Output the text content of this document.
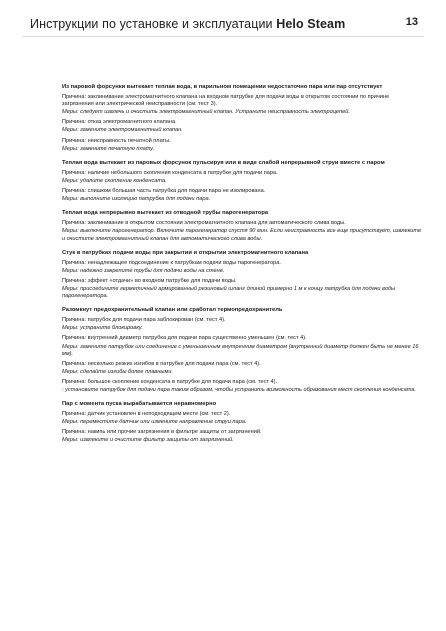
Инструкции по установке и эксплуатации Helo Steam	13
Из паровой форсунки вытекает теплая вода, в парильном помещении недостаточно пара или пар отсутствует
Причина: заклинивание электромагнитного клапана на входном патрубке для подачи воды в открытом состоянии по причине загрязнения или электрической неисправности (см. тест 3).
Меры: следует извлечь и очистить электромагнитный клапан. Устраните неисправность электроцепей.
Причина: отказ электромагнитного клапана.
Меры: замените электромагнитный клапан.
Причина: неисправность печатной платы.
Меры: замените печатную плату.
Теплая вода вытекает из паровых форсунок пульсируя или в виде слабой непрерывной струи вместе с паром
Причина: наличие небольшого скопления конденсата в патрубке для подачи пара.
Меры: удалите скопление конденсата.
Причина: слишком большая часть патрубка для подачи пара не изолирована.
Меры: выполните изоляцию патрубка для подачи пара.
Теплая вода непрерывно вытекает из отводной трубы парогенератора
Причина: заклинивание в открытом состоянии электромагнитного клапана для автоматического слива воды.
Меры: выключите парогенератор. Включите парогенератор спустя 90 мин. Если неисправность все еще присутствует, извлеките и очистите электромагнитный клапан для автоматического слива воды.
Стук в патрубках подачи воды при закрытии и открытии электромагнитного клапана
Причина: ненадлежащее подсоединение к патрубкам подачи воды парогенератора.
Меры: надежно закрепите трубы для подачи воды на стене.
Причина: эффект «отдачи» во входном патрубке для подачи воды.
Меры: присоедините герметичный армированный резиновый шланг длиной примерно 1 м к концу патрубка для подачи воды парогенератора.
Разомкнут предохранительный клапан или сработал термопредохранитель
Причина: патрубок для подачи пара заблокирован (см. тест 4).
Меры: устраните блокировку.
Причина: внутренний диаметр патрубка для подачи пара существенно уменьшен (см. тест 4).
Меры: замените патрубок или соединение с уменьшенным внутренним диаметром (внутренний диаметр должен быть не менее 16 мм).
Причина: несколько резких изгибов в патрубке для подачи пара (см. тест 4).
Меры: сделайте изгибы более плавными.
Причина: большое скопление конденсата в патрубке для подачи пара (см. тест 4).
: установите патрубок для подачи пара таким образом, чтобы устранить возможность образования мест скопления конденсата.
Пар с момента пуска вырабатывается неравномерно
Причина: датчик установлен в неподходящем месте (см. тест 2).
Меры: переместите датчик или измените направление струи пара.
Причина: накипь или прочие загрязнения в фильтре защиты от загрязнений.
Меры: извлеките и очистите фильтр защиты от загрязнений.
